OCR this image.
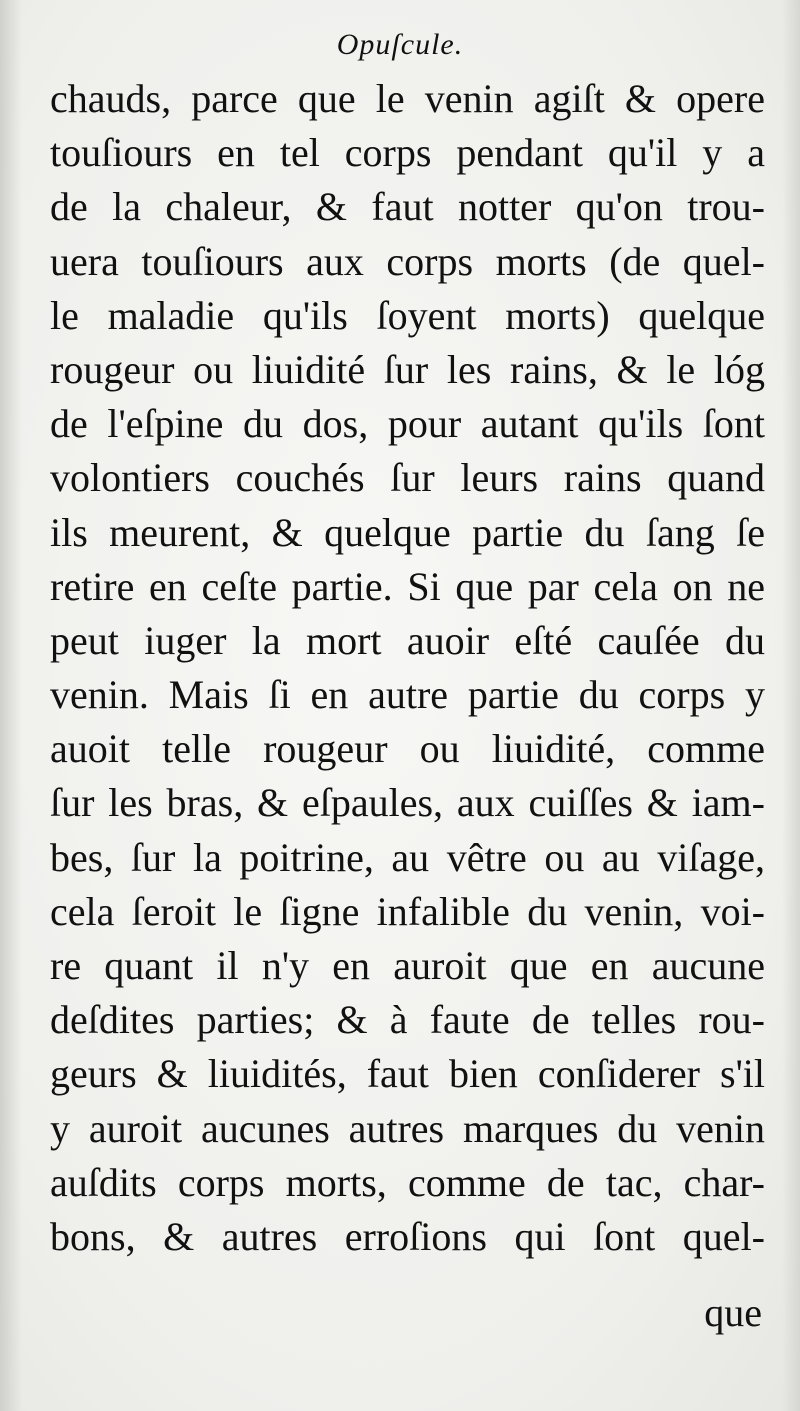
Opuſcule.
chauds, parce que le venin agiſt & opere
touſiours en tel corps pendant qu'il y a
de la chaleur, & faut notter qu'on trou-
uera touſiours aux corps morts (de quel-
le maladie qu'ils ſoyent morts) quelque
rougeur ou liuidité ſur les rains, & le lóg
de l'eſpine du dos, pour autant qu'ils ſont
volontiers couchés ſur leurs rains quand
ils meurent, & quelque partie du ſang ſe
retire en ceſte partie. Si que par cela on ne
peut iuger la mort auoir eſté cauſée du
venin. Mais ſi en autre partie du corps y
auoit telle rougeur ou liuidité, comme
ſur les bras, & eſpaules, aux cuiſſes & iam-
bes, ſur la poitrine, au vêtre ou au viſage,
cela ſeroit le ſigne infalible du venin, voi-
re quant il n'y en auroit que en aucune
deſdites parties; & à faute de telles rou-
geurs & liuidités, faut bien conſiderer s'il
y auroit aucunes autres marques du venin
auſdits corps morts, comme de tac, char-
bons, & autres erroſions qui ſont quel-
que
